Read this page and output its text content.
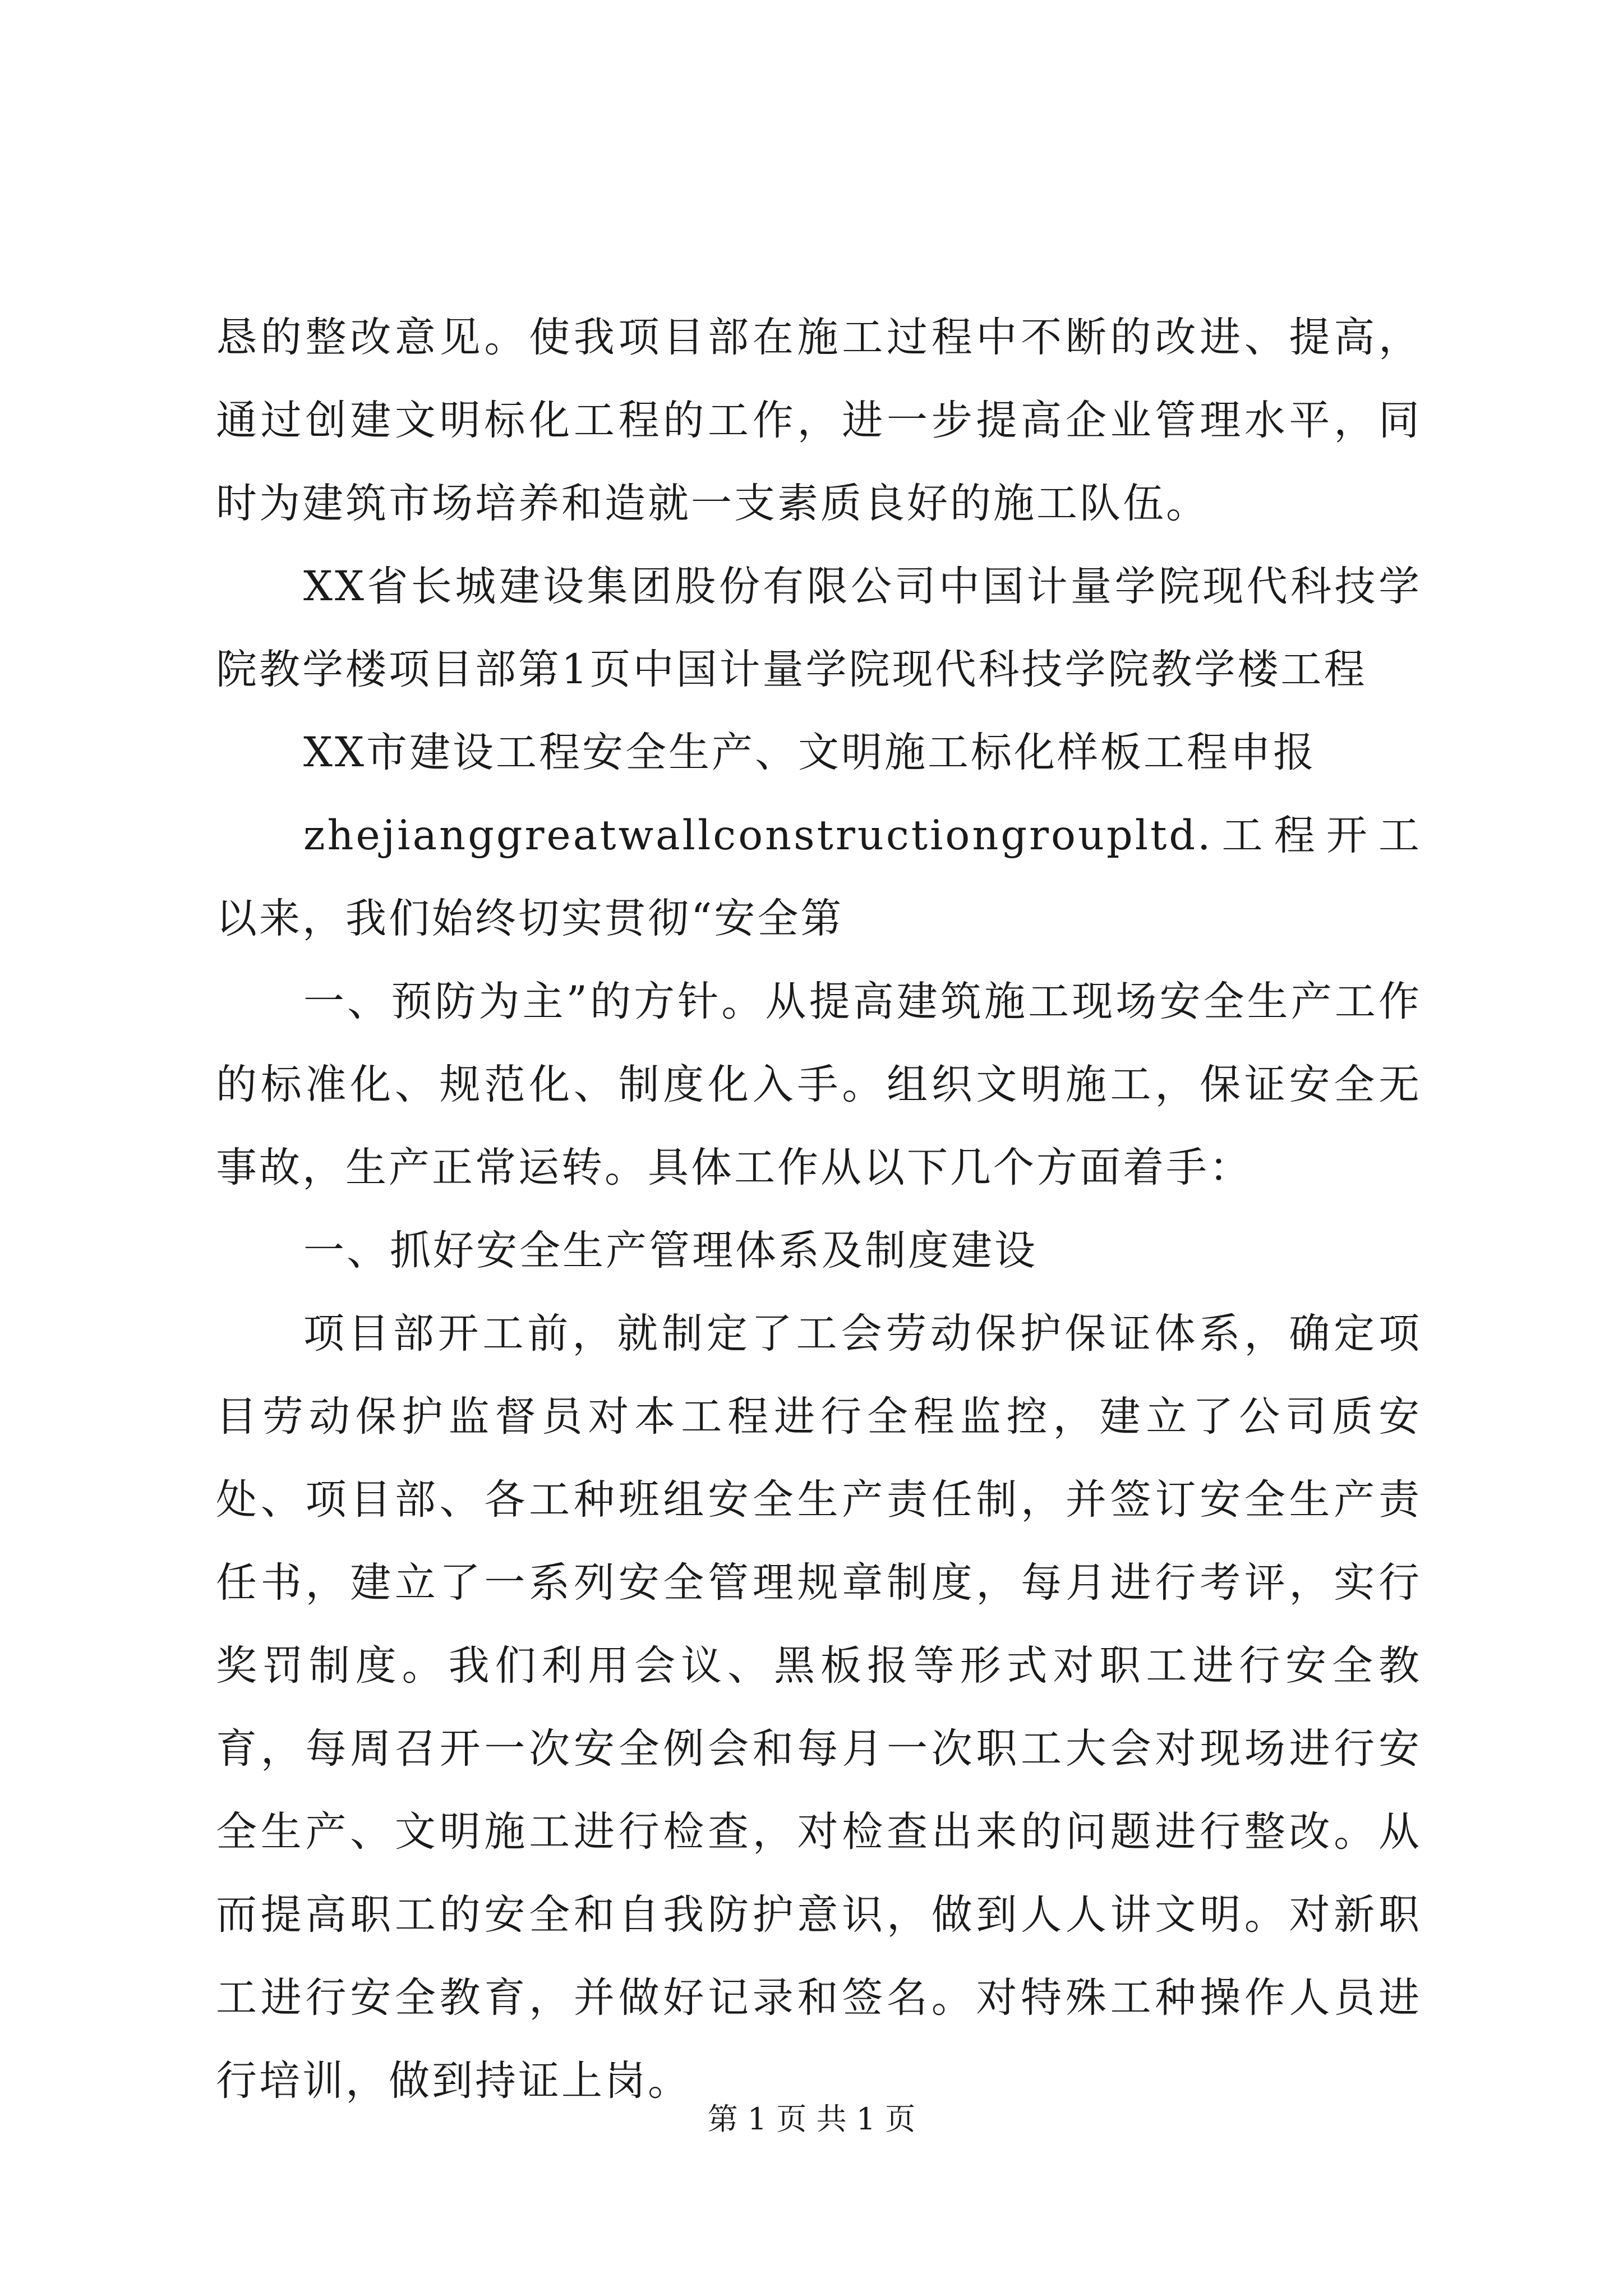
恳的整改意见。使我项目部在施工过程中不断的改进、提高，通过创建文明标化工程的工作，进一步提高企业管理水平，同时为建筑市场培养和造就一支素质良好的施工队伍。

XX省长城建设集团股份有限公司中国计量学院现代科技学院教学楼项目部第1页中国计量学院现代科技学院教学楼工程

XX市建设工程安全生产、文明施工标化样板工程申报

zhejianggreatwallconstructiongroupltd.工程开工以来，我们始终切实贯彻“安全第

一、预防为主”的方针。从提高建筑施工现场安全生产工作的标准化、规范化、制度化入手。组织文明施工，保证安全无事故，生产正常运转。具体工作从以下几个方面着手：

一、抓好安全生产管理体系及制度建设

项目部开工前，就制定了工会劳动保护保证体系，确定项目劳动保护监督员对本工程进行全程监控，建立了公司质安处、项目部、各工种班组安全生产责任制，并签订安全生产责任书，建立了一系列安全管理规章制度，每月进行考评，实行奖罚制度。我们利用会议、黑板报等形式对职工进行安全教育，每周召开一次安全例会和每月一次职工大会对现场进行安全生产、文明施工进行检查，对检查出来的问题进行整改。从而提高职工的安全和自我防护意识，做到人人讲文明。对新职工进行安全教育，并做好记录和签名。对特殊工种操作人员进行培训，做到持证上岗。

第 1 页 共 1 页
